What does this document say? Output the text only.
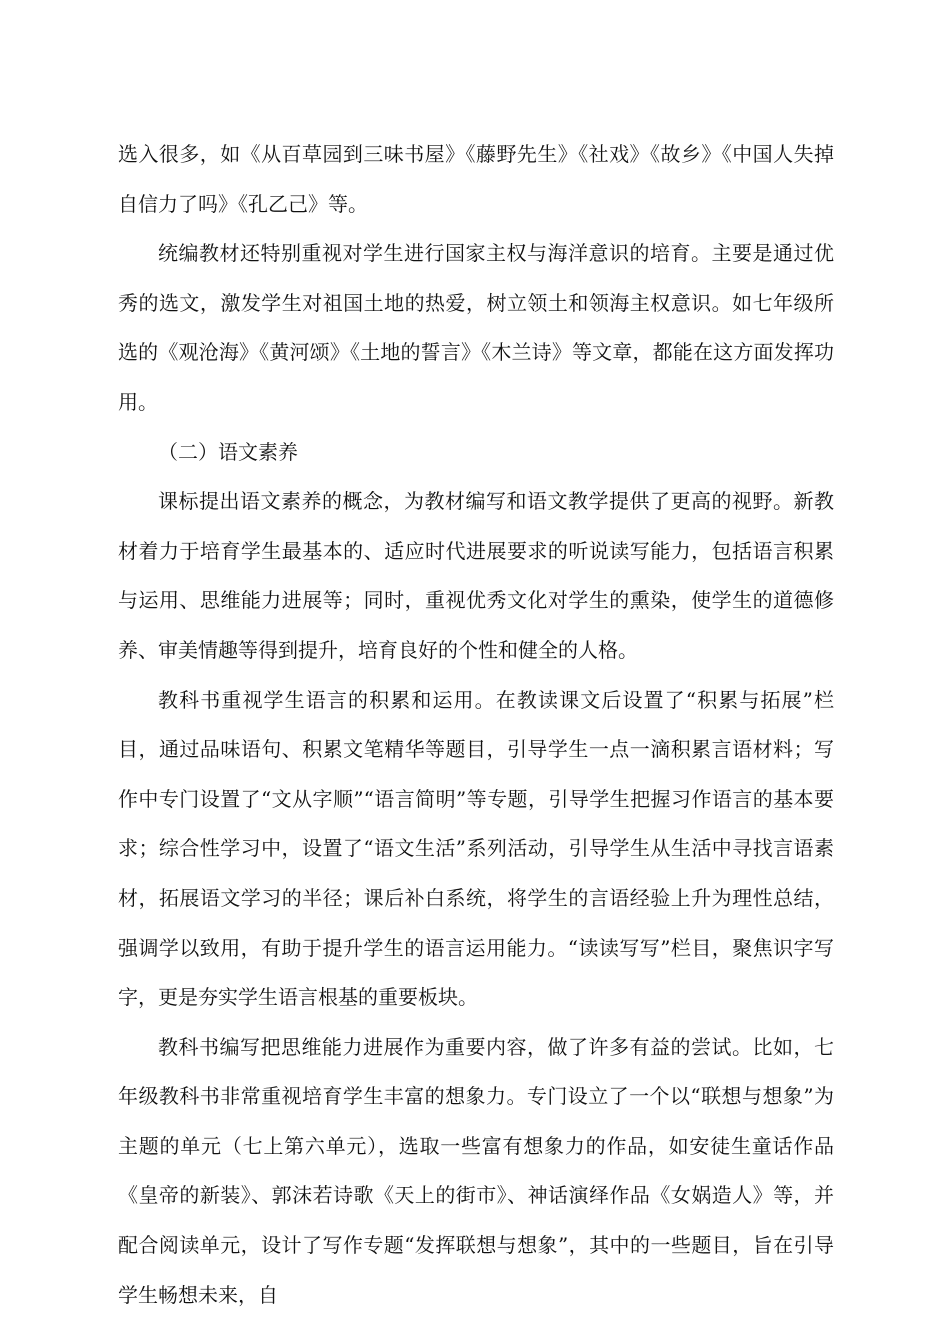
选入很多，如《从百草园到三味书屋》《藤野先生》《社戏》《故乡》《中国人失掉自信力了吗》《孔乙己》等。

统编教材还特别重视对学生进行国家主权与海洋意识的培育。主要是通过优秀的选文，激发学生对祖国土地的热爱，树立领土和领海主权意识。如七年级所选的《观沧海》《黄河颂》《土地的誓言》《木兰诗》等文章，都能在这方面发挥功用。

（二）语文素养

课标提出语文素养的概念，为教材编写和语文教学提供了更高的视野。新教材着力于培育学生最基本的、适应时代进展要求的听说读写能力，包括语言积累与运用、思维能力进展等；同时，重视优秀文化对学生的熏染，使学生的道德修养、审美情趣等得到提升，培育良好的个性和健全的人格。

教科书重视学生语言的积累和运用。在教读课文后设置了“积累与拓展”栏目，通过品味语句、积累文笔精华等题目，引导学生一点一滴积累言语材料；写作中专门设置了“文从字顺”“语言简明”等专题，引导学生把握习作语言的基本要求；综合性学习中，设置了“语文生活”系列活动，引导学生从生活中寻找言语素材，拓展语文学习的半径；课后补白系统，将学生的言语经验上升为理性总结，强调学以致用，有助于提升学生的语言运用能力。“读读写写”栏目，聚焦识字写字，更是夯实学生语言根基的重要板块。

教科书编写把思维能力进展作为重要内容，做了许多有益的尝试。比如，七年级教科书非常重视培育学生丰富的想象力。专门设立了一个以“联想与想象”为主题的单元（七上第六单元），选取一些富有想象力的作品，如安徒生童话作品《皇帝的新装》、郭沫若诗歌《天上的街市》、神话演绎作品《女娲造人》等，并配合阅读单元，设计了写作专题“发挥联想与想象”，其中的一些题目，旨在引导学生畅想未来，自
